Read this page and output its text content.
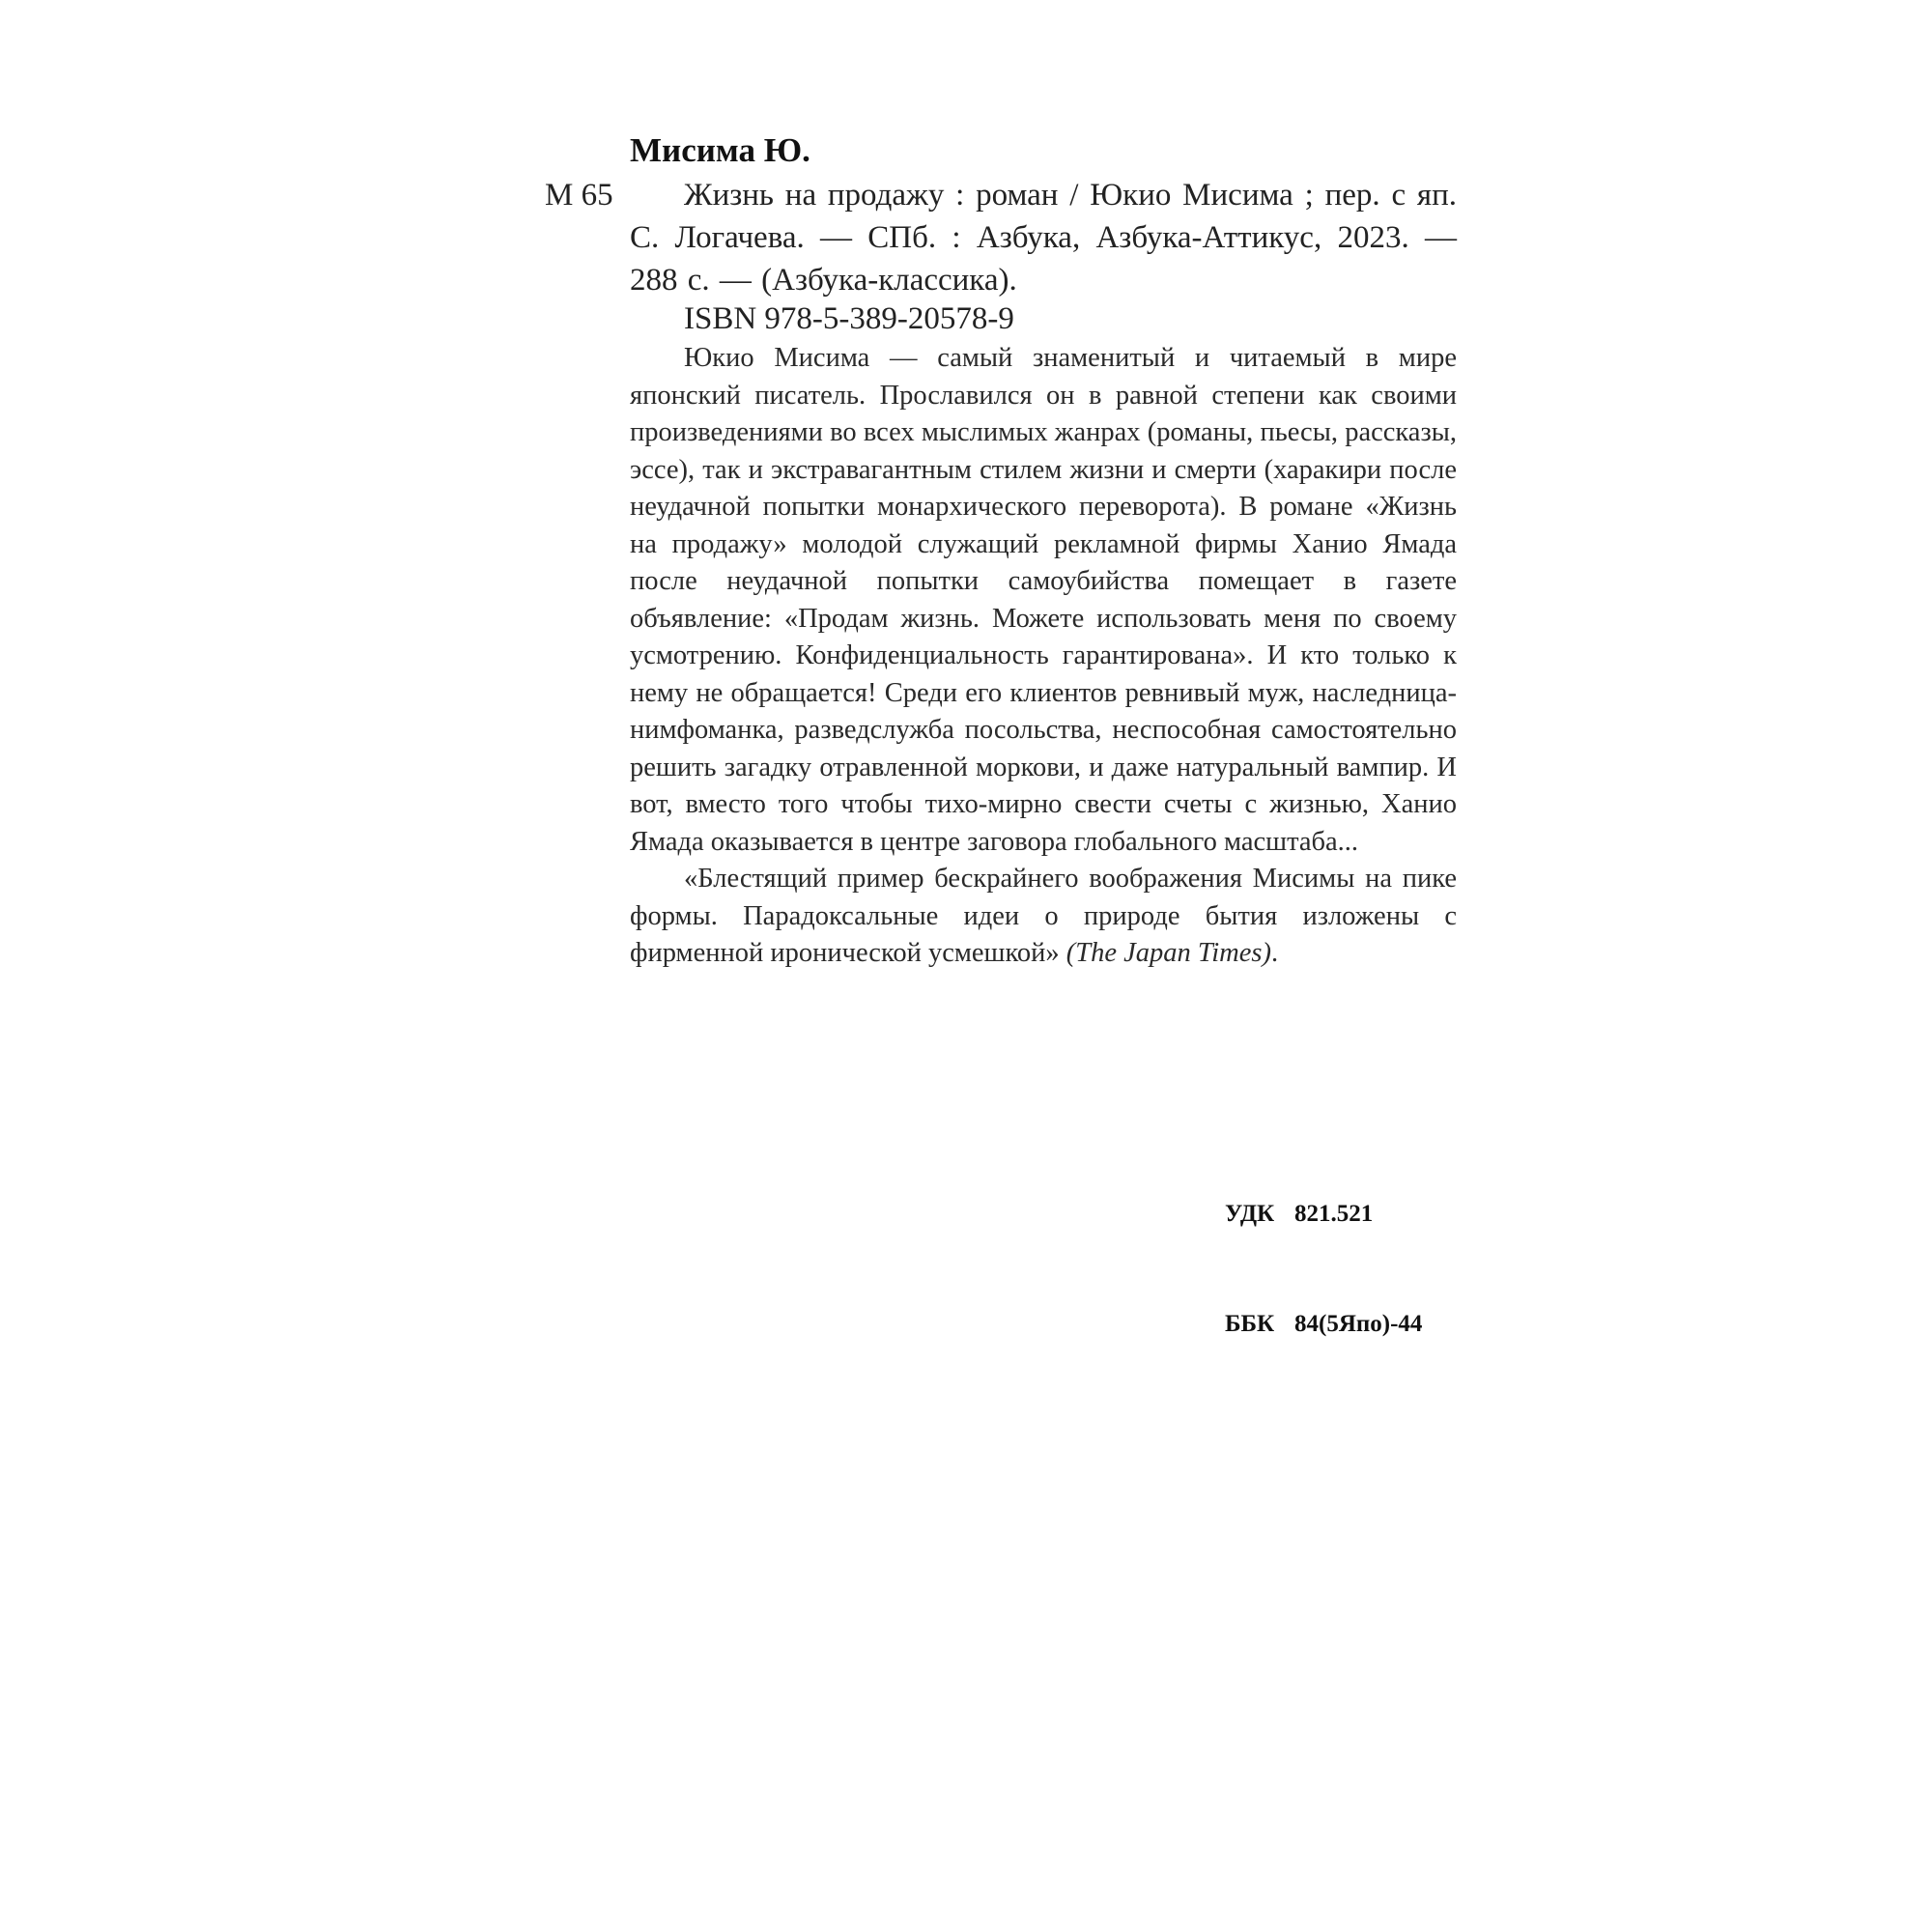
Мисима Ю.
М 65	Жизнь на продажу : роман / Юкио Мисима ; пер. с яп. С. Логачева. — СПб. : Азбука, Азбука-Аттикус, 2023. — 288 с. — (Азбука-классика).
ISBN 978-5-389-20578-9

Юкио Мисима — самый знаменитый и читаемый в мире японский писатель. Прославился он в равной степени как своими произведениями во всех мыслимых жанрах (романы, пьесы, рассказы, эссе), так и экстравагантным стилем жизни и смерти (харакири после неудачной попытки монархического переворота). В романе «Жизнь на продажу» молодой служащий рекламной фирмы Ханио Ямада после неудачной попытки самоубийства помещает в газете объявление: «Продам жизнь. Можете использовать меня по своему усмотрению. Конфиденциальность гарантирована». И кто только к нему не обращается! Среди его клиентов ревнивый муж, наследница-нимфоманка, разведслужба посольства, неспособная самостоятельно решить загадку отравленной моркови, и даже натуральный вампир. И вот, вместо того чтобы тихо-мирно свести счеты с жизнью, Ханио Ямада оказывается в центре заговора глобального масштаба...

«Блестящий пример бескрайнего воображения Мисимы на пике формы. Парадоксальные идеи о природе бытия изложены с фирменной иронической усмешкой» (The Japan Times).

УДК 821.521

ББК 84(5Япо)-44
